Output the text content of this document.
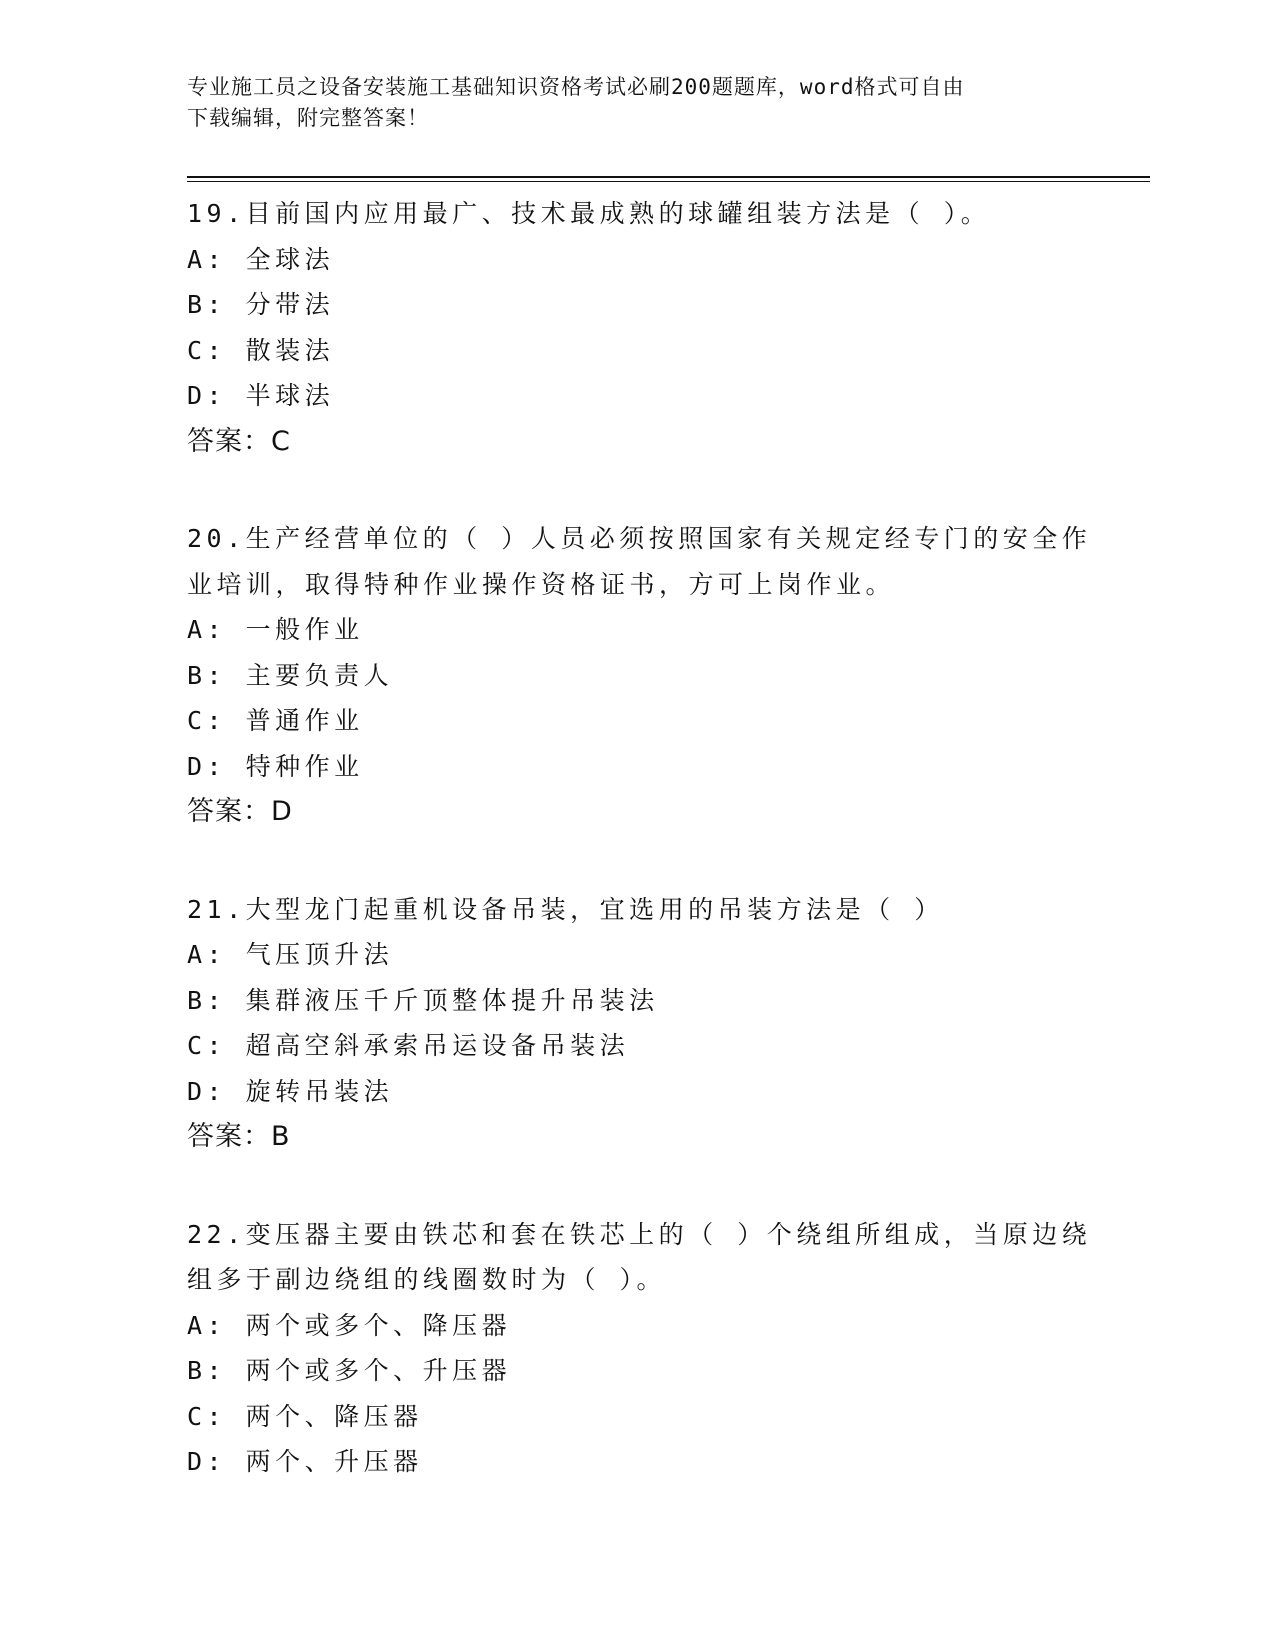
专业施工员之设备安装施工基础知识资格考试必刷200题题库，word格式可自由
下载编辑，附完整答案！
19.目前国内应用最广、技术最成熟的球罐组装方法是（ ）。
A: 全球法
B: 分带法
C: 散装法
D: 半球法
答案：C
20.生产经营单位的（ ）人员必须按照国家有关规定经专门的安全作
业培训，取得特种作业操作资格证书，方可上岗作业。
A: 一般作业
B: 主要负责人
C: 普通作业
D: 特种作业
答案：D
21.大型龙门起重机设备吊装，宜选用的吊装方法是（ ）
A: 气压顶升法
B: 集群液压千斤顶整体提升吊装法
C: 超高空斜承索吊运设备吊装法
D: 旋转吊装法
答案：B
22.变压器主要由铁芯和套在铁芯上的（ ）个绕组所组成，当原边绕
组多于副边绕组的线圈数时为（ ）。
A: 两个或多个、降压器
B: 两个或多个、升压器
C: 两个、降压器
D: 两个、升压器
